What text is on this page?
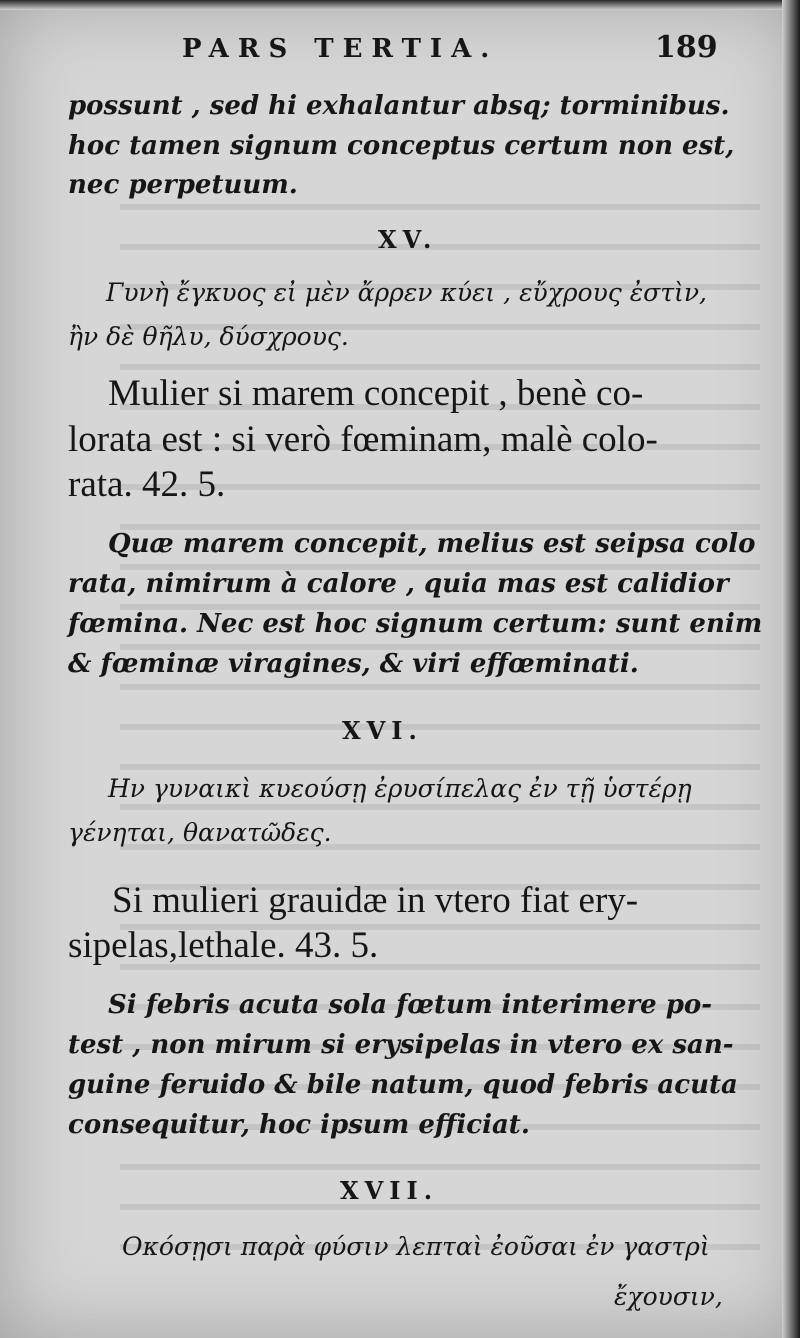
PARS TERTIA.	189
possunt , sed hi exhalantur absq; torminibus.
hoc tamen signum conceptus certum non est,
nec perpetuum.
XV.
Γυνὴ ἔγκυος εἰ μὲν ἄρρεν κύει , εὔχρους ἐστὶν,
ἢν δὲ θῆλυ, δύσχρους.
Mulier si marem concepit , benè co-
lorata est : si verò fœminam, malè colo-
rata. 42. 5.
Quæ marem concepit, melius est seipsa colo
rata, nimirum à calore , quia mas est calidior
fœmina. Nec est hoc signum certum: sunt enim
& fœminæ viragines, & viri effœminati.
XVI.
Ην γυναικὶ κυεούσῃ ἐρυσίπελας ἐν τῇ ὑστέρῃ
γένηται, θανατῶδες.
Si mulieri grauidæ in vtero fiat ery-
sipelas,lethale. 43. 5.
Si febris acuta sola fœtum interimere po-
test , non mirum si erysipelas in vtero ex san-
guine feruido & bile natum, quod febris acuta
consequitur, hoc ipsum efficiat.
XVII.
Οκόσῃσι παρὰ φύσιν λεπταὶ ἐοῦσαι ἐν γαστρὶ
ἔχουσιν,
